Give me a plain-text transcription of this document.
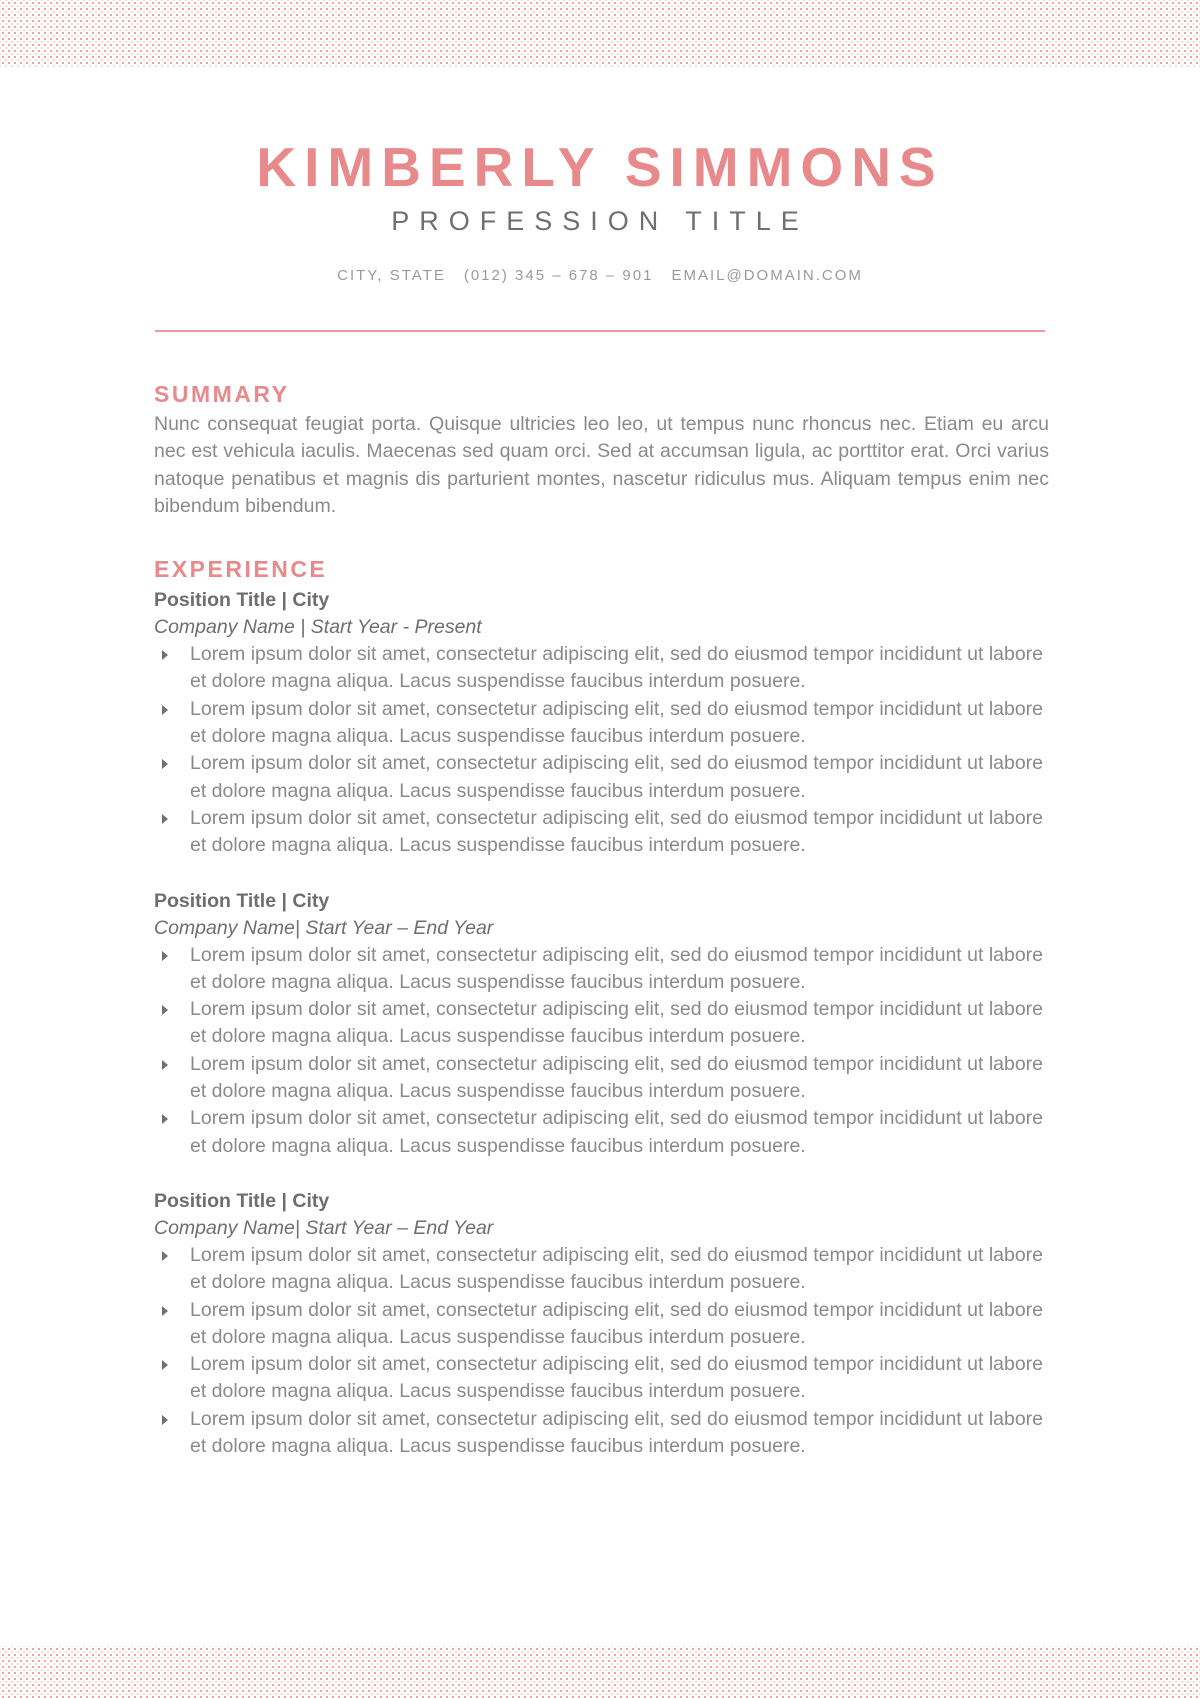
KIMBERLY SIMMONS
PROFESSION TITLE
CITY, STATE (012) 345 – 678 – 901 EMAIL@DOMAIN.COM
SUMMARY

Nunc consequat feugiat porta. Quisque ultricies leo leo, ut tempus nunc rhoncus nec. Etiam eu arcu nec est vehicula iaculis. Maecenas sed quam orci. Sed at accumsan ligula, ac porttitor erat. Orci varius natoque penatibus et magnis dis parturient montes, nascetur ridiculus mus. Aliquam tempus enim nec bibendum bibendum.

EXPERIENCE
Position Title | City
Company Name | Start Year - Present
Lorem ipsum dolor sit amet, consectetur adipiscing elit, sed do eiusmod tempor incididunt ut labore et dolore magna aliqua. Lacus suspendisse faucibus interdum posuere.
Lorem ipsum dolor sit amet, consectetur adipiscing elit, sed do eiusmod tempor incididunt ut labore et dolore magna aliqua. Lacus suspendisse faucibus interdum posuere.
Lorem ipsum dolor sit amet, consectetur adipiscing elit, sed do eiusmod tempor incididunt ut labore et dolore magna aliqua. Lacus suspendisse faucibus interdum posuere.
Lorem ipsum dolor sit amet, consectetur adipiscing elit, sed do eiusmod tempor incididunt ut labore et dolore magna aliqua. Lacus suspendisse faucibus interdum posuere.
Position Title | City
Company Name| Start Year – End Year
Lorem ipsum dolor sit amet, consectetur adipiscing elit, sed do eiusmod tempor incididunt ut labore et dolore magna aliqua. Lacus suspendisse faucibus interdum posuere.
Lorem ipsum dolor sit amet, consectetur adipiscing elit, sed do eiusmod tempor incididunt ut labore et dolore magna aliqua. Lacus suspendisse faucibus interdum posuere.
Lorem ipsum dolor sit amet, consectetur adipiscing elit, sed do eiusmod tempor incididunt ut labore et dolore magna aliqua. Lacus suspendisse faucibus interdum posuere.
Lorem ipsum dolor sit amet, consectetur adipiscing elit, sed do eiusmod tempor incididunt ut labore et dolore magna aliqua. Lacus suspendisse faucibus interdum posuere.
Position Title | City
Company Name| Start Year – End Year
Lorem ipsum dolor sit amet, consectetur adipiscing elit, sed do eiusmod tempor incididunt ut labore et dolore magna aliqua. Lacus suspendisse faucibus interdum posuere.
Lorem ipsum dolor sit amet, consectetur adipiscing elit, sed do eiusmod tempor incididunt ut labore et dolore magna aliqua. Lacus suspendisse faucibus interdum posuere.
Lorem ipsum dolor sit amet, consectetur adipiscing elit, sed do eiusmod tempor incididunt ut labore et dolore magna aliqua. Lacus suspendisse faucibus interdum posuere.
Lorem ipsum dolor sit amet, consectetur adipiscing elit, sed do eiusmod tempor incididunt ut labore et dolore magna aliqua. Lacus suspendisse faucibus interdum posuere.
